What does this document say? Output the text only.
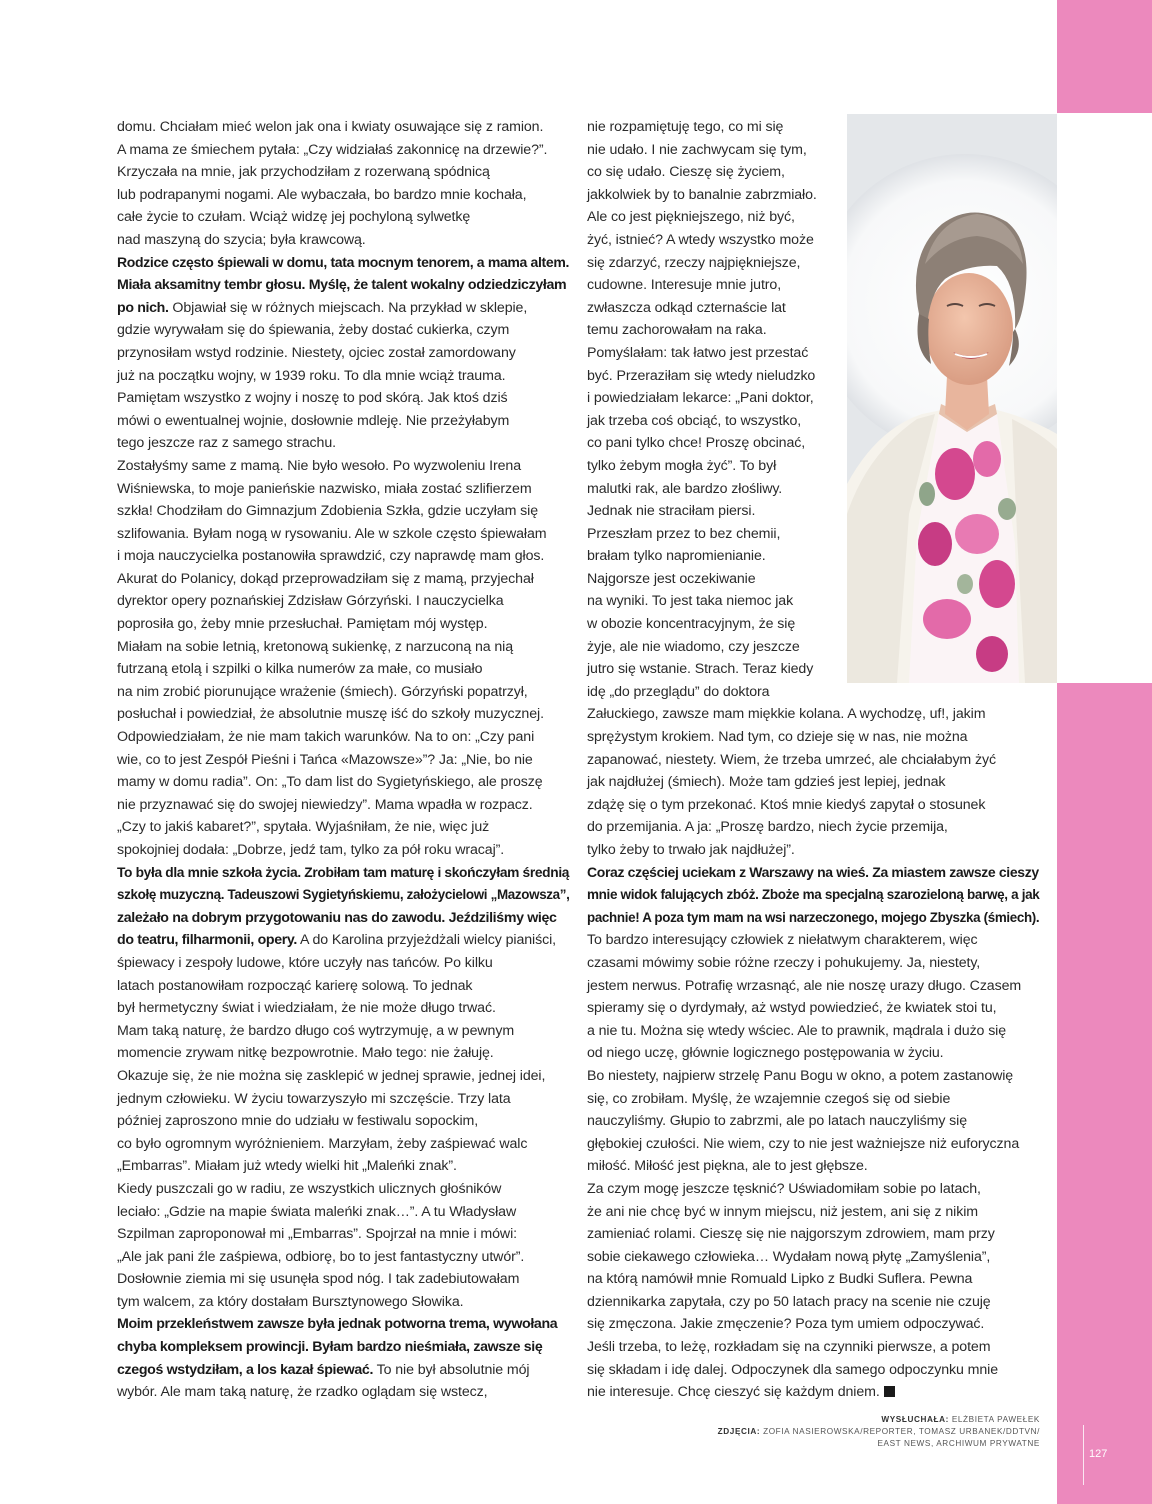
domu. Chciałam mieć welon jak ona i kwiaty osuwające się z ramion.
A mama ze śmiechem pytała: „Czy widziałaś zakonnicę na drzewie?”.
Krzyczała na mnie, jak przychodziłam z rozerwaną spódnicą
lub podrapanymi nogami. Ale wybaczała, bo bardzo mnie kochała,
całe życie to czułam. Wciąż widzę jej pochyloną sylwetkę
nad maszyną do szycia; była krawcową.
Rodzice często śpiewali w domu, tata mocnym tenorem, a mama altem.
Miała aksamitny tembr głosu. Myślę, że talent wokalny odziedziczyłam
po nich. Objawiał się w różnych miejscach. Na przykład w sklepie,
gdzie wyrywałam się do śpiewania, żeby dostać cukierka, czym
przynosiłam wstyd rodzinie. Niestety, ojciec został zamordowany
już na początku wojny, w 1939 roku. To dla mnie wciąż trauma.
Pamiętam wszystko z wojny i noszę to pod skórą. Jak ktoś dziś
mówi o ewentualnej wojnie, dosłownie mdleję. Nie przeżyłabym
tego jeszcze raz z samego strachu.
Zostałyśmy same z mamą. Nie było wesoło. Po wyzwoleniu Irena
Wiśniewska, to moje panieńskie nazwisko, miała zostać szlifierzem
szkła! Chodziłam do Gimnazjum Zdobienia Szkła, gdzie uczyłam się
szlifowania. Byłam nogą w rysowaniu. Ale w szkole często śpiewałam
i moja nauczycielka postanowiła sprawdzić, czy naprawdę mam głos.
Akurat do Polanicy, dokąd przeprowadziłam się z mamą, przyjechał
dyrektor opery poznańskiej Zdzisław Górzyński. I nauczycielka
poprosiła go, żeby mnie przesłuchał. Pamiętam mój występ.
Miałam na sobie letnią, kretonową sukienkę, z narzuconą na nią
futrzaną etolą i szpilki o kilka numerów za małe, co musiało
na nim zrobić piorunujące wrażenie (śmiech). Górzyński popatrzył,
posłuchał i powiedział, że absolutnie muszę iść do szkoły muzycznej.
Odpowiedziałam, że nie mam takich warunków. Na to on: „Czy pani
wie, co to jest Zespół Pieśni i Tańca «Mazowsze»”? Ja: „Nie, bo nie
mamy w domu radia”. On: „To dam list do Sygietyńskiego, ale proszę
nie przyznawać się do swojej niewiedzy”. Mama wpadła w rozpacz.
„Czy to jakiś kabaret?”, spytała. Wyjaśniłam, że nie, więc już
spokojniej dodała: „Dobrze, jedź tam, tylko za pół roku wracaj”.
To była dla mnie szkoła życia. Zrobiłam tam maturę i skończyłam średnią
szkołę muzyczną. Tadeuszowi Sygietyńskiemu, założycielowi „Mazowsza”,
zależało na dobrym przygotowaniu nas do zawodu. Jeździliśmy więc
do teatru, filharmonii, opery. A do Karolina przyjeżdżali wielcy pianiści,
śpiewacy i zespoły ludowe, które uczyły nas tańców. Po kilku
latach postanowiłam rozpocząć karierę solową. To jednak
był hermetyczny świat i wiedziałam, że nie może długo trwać.
Mam taką naturę, że bardzo długo coś wytrzymuję, a w pewnym
momencie zrywam nitkę bezpowrotnie. Mało tego: nie żałuję.
Okazuje się, że nie można się zasklepić w jednej sprawie, jednej idei,
jednym człowieku. W życiu towarzyszyło mi szczęście. Trzy lata
później zaproszono mnie do udziału w festiwalu sopockim,
co było ogromnym wyróżnieniem. Marzyłam, żeby zaśpiewać walc
„Embarras”. Miałam już wtedy wielki hit „Maleńki znak”.
Kiedy puszczali go w radiu, ze wszystkich ulicznych głośników
leciało: „Gdzie na mapie świata maleńki znak…”. A tu Władysław
Szpilman zaproponował mi „Embarras”. Spojrzał na mnie i mówi:
„Ale jak pani źle zaśpiewa, odbiorę, bo to jest fantastyczny utwór”.
Dosłownie ziemia mi się usunęła spod nóg. I tak zadebiutowałam
tym walcem, za który dostałam Bursztynowego Słowika.
Moim przekleństwem zawsze była jednak potworna trema, wywołana
chyba kompleksem prowincji. Byłam bardzo nieśmiała, zawsze się
czegoś wstydziłam, a los kazał śpiewać. To nie był absolutnie mój
wybór. Ale mam taką naturę, że rzadko oglądam się wstecz,
nie rozpamiętuję tego, co mi się
nie udało. I nie zachwycam się tym,
co się udało. Cieszę się życiem,
jakkolwiek by to banalnie zabrzmiało.
Ale co jest piękniejszego, niż być,
żyć, istnieć? A wtedy wszystko może
się zdarzyć, rzeczy najpiękniejsze,
cudowne. Interesuje mnie jutro,
zwłaszcza odkąd czternaście lat
temu zachorowałam na raka.
Pomyślałam: tak łatwo jest przestać
być. Przeraziłam się wtedy nieludzko
i powiedziałam lekarce: „Pani doktor,
jak trzeba coś obciąć, to wszystko,
co pani tylko chce! Proszę obcinać,
tylko żebym mogła żyć”. To był
malutki rak, ale bardzo złośliwy.
Jednak nie straciłam piersi.
Przeszłam przez to bez chemii,
brałam tylko napromienianie.
Najgorsze jest oczekiwanie
na wyniki. To jest taka niemoc jak
w obozie koncentracyjnym, że się
żyje, ale nie wiadomo, czy jeszcze
jutro się wstanie. Strach. Teraz kiedy
idę „do przeglądu” do doktora
Załuckiego, zawsze mam miękkie kolana. A wychodzę, uf!, jakim
sprężystym krokiem. Nad tym, co dzieje się w nas, nie można
zapanować, niestety. Wiem, że trzeba umrzeć, ale chciałabym żyć
jak najdłużej (śmiech). Może tam gdzieś jest lepiej, jednak
zdążę się o tym przekonać. Ktoś mnie kiedyś zapytał o stosunek
do przemijania. A ja: „Proszę bardzo, niech życie przemija,
tylko żeby to trwało jak najdłużej”.
Coraz częściej uciekam z Warszawy na wieś. Za miastem zawsze cieszy
mnie widok falujących zbóż. Zboże ma specjalną szarozieloną barwę, a jak
pachnie! A poza tym mam na wsi narzeczonego, mojego Zbyszka (śmiech).
To bardzo interesujący człowiek z niełatwym charakterem, więc
czasami mówimy sobie różne rzeczy i pohukujemy. Ja, niestety,
jestem nerwus. Potrafię wrzasnąć, ale nie noszę urazy długo. Czasem
spieramy się o dyrdymały, aż wstyd powiedzieć, że kwiatek stoi tu,
a nie tu. Można się wtedy wściec. Ale to prawnik, mądrala i dużo się
od niego uczę, głównie logicznego postępowania w życiu.
Bo niestety, najpierw strzelę Panu Bogu w okno, a potem zastanowię
się, co zrobiłam. Myślę, że wzajemnie czegoś się od siebie
nauczyliśmy. Głupio to zabrzmi, ale po latach nauczyliśmy się
głębokiej czułości. Nie wiem, czy to nie jest ważniejsze niż euforyczna
miłość. Miłość jest piękna, ale to jest głębsze.
Za czym mogę jeszcze tęsknić? Uświadomiłam sobie po latach,
że ani nie chcę być w innym miejscu, niż jestem, ani się z nikim
zamieniać rolami. Cieszę się nie najgorszym zdrowiem, mam przy
sobie ciekawego człowieka… Wydałam nową płytę „Zamyślenia”,
na którą namówił mnie Romuald Lipko z Budki Suflera. Pewna
dziennikarka zapytała, czy po 50 latach pracy na scenie nie czuję
się zmęczona. Jakie zmęczenie? Poza tym umiem odpoczywać.
Jeśli trzeba, to leżę, rozkładam się na czynniki pierwsze, a potem
się składam i idę dalej. Odpoczynek dla samego odpoczynku mnie
nie interesuje. Chcę cieszyć się każdym dniem.
WYSŁUCHAŁA: ELŻBIETA PAWEŁEK
ZDJĘCIA: ZOFIA NASIEROWSKA/REPORTER, TOMASZ URBANEK/DDTVN/
EAST NEWS, ARCHIWUM PRYWATNE
127
